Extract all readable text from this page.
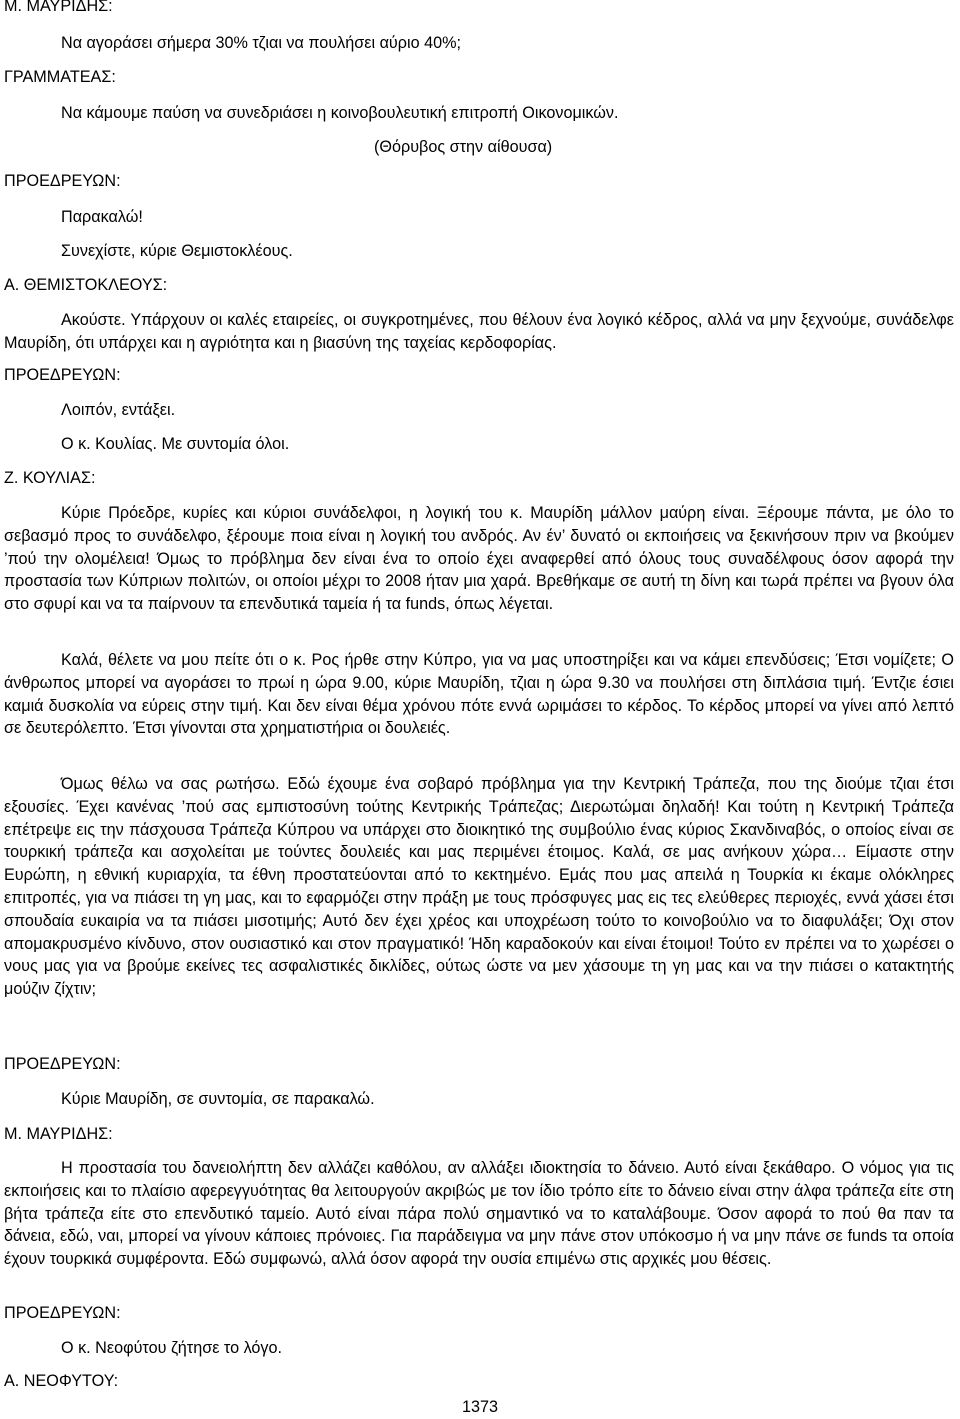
Μ. ΜΑΥΡΙΔΗΣ:
Να αγοράσει σήμερα 30% τζιαι να πουλήσει αύριο 40%;
ΓΡΑΜΜΑΤΕΑΣ:
Να κάμουμε παύση να συνεδριάσει η κοινοβουλευτική επιτροπή Οικονομικών.
(Θόρυβος στην αίθουσα)
ΠΡΟΕΔΡΕΥΩΝ:
Παρακαλώ!
Συνεχίστε, κύριε Θεμιστοκλέους.
Α. ΘΕΜΙΣΤΟΚΛΕΟΥΣ:

Ακούστε. Υπάρχουν οι καλές εταιρείες, οι συγκροτημένες, που θέλουν ένα λογικό κέδρος, αλλά να μην ξεχνούμε, συνάδελφε Μαυρίδη, ότι υπάρχει και η αγριότητα και η βιασύνη της ταχείας κερδοφορίας.

ΠΡΟΕΔΡΕΥΩΝ:
Λοιπόν, εντάξει.
Ο κ. Κουλίας. Με συντομία όλοι.
Ζ. ΚΟΥΛΙΑΣ:

Κύριε Πρόεδρε, κυρίες και κύριοι συνάδελφοι, η λογική του κ. Μαυρίδη μάλλον μαύρη είναι. Ξέρουμε πάντα, με όλο το σεβασμό προς το συνάδελφο, ξέρουμε ποια είναι η λογική του ανδρός. Αν έν’ δυνατό οι εκποιήσεις να ξεκινήσουν πριν να βκούμεν ’πού την ολομέλεια! Όμως το πρόβλημα δεν είναι ένα το οποίο έχει αναφερθεί από όλους τους συναδέλφους όσον αφορά την προστασία των Κύπριων πολιτών, οι οποίοι μέχρι το 2008 ήταν μια χαρά. Βρεθήκαμε σε αυτή τη δίνη και τωρά πρέπει να βγουν όλα στο σφυρί και να τα παίρνουν τα επενδυτικά ταμεία ή τα funds, όπως λέγεται.

Καλά, θέλετε να μου πείτε ότι ο κ. Ρος ήρθε στην Κύπρο, για να μας υποστηρίξει και να κάμει επενδύσεις; Έτσι νομίζετε; Ο άνθρωπος μπορεί να αγοράσει το πρωί η ώρα 9.00, κύριε Μαυρίδη, τζιαι η ώρα 9.30 να πουλήσει στη διπλάσια τιμή. Έντζιε έσιει καμιά δυσκολία να εύρεις στην τιμή. Και δεν είναι θέμα χρόνου πότε εννά ωριμάσει το κέρδος. Το κέρδος μπορεί να γίνει από λεπτό σε δευτερόλεπτο. Έτσι γίνονται στα χρηματιστήρια οι δουλειές.

Όμως θέλω να σας ρωτήσω. Εδώ έχουμε ένα σοβαρό πρόβλημα για την Κεντρική Τράπεζα, που της διούμε τζιαι έτσι εξουσίες. Έχει κανένας ’πού σας εμπιστοσύνη τούτης Κεντρικής Τράπεζας; Διερωτώμαι δηλαδή! Και τούτη η Κεντρική Τράπεζα επέτρεψε εις την πάσχουσα Τράπεζα Κύπρου να υπάρχει στο διοικητικό της συμβούλιο ένας κύριος Σκανδιναβός, ο οποίος είναι σε τουρκική τράπεζα και ασχολείται με τούντες δουλειές και μας περιμένει έτοιμος. Καλά, σε μας ανήκουν χώρα… Είμαστε στην Ευρώπη, η εθνική κυριαρχία, τα έθνη προστατεύονται από το κεκτημένο. Εμάς που μας απειλά η Τουρκία κι έκαμε ολόκληρες επιτροπές, για να πιάσει τη γη μας, και το εφαρμόζει στην πράξη με τους πρόσφυγες μας εις τες ελεύθερες περιοχές, εννά χάσει έτσι σπουδαία ευκαιρία να τα πιάσει μισοτιμής; Αυτό δεν έχει χρέος και υποχρέωση τούτο το κοινοβούλιο να το διαφυλάξει; Όχι στον απομακρυσμένο κίνδυνο, στον ουσιαστικό και στον πραγματικό! Ήδη καραδοκούν και είναι έτοιμοι! Τούτο εν πρέπει να το χωρέσει ο νους μας για να βρούμε εκείνες τες ασφαλιστικές δικλίδες, ούτως ώστε να μεν χάσουμε τη γη μας και να την πιάσει ο κατακτητής μούζιν ζίχτιν;

ΠΡΟΕΔΡΕΥΩΝ:
Κύριε Μαυρίδη, σε συντομία, σε παρακαλώ.
Μ. ΜΑΥΡΙΔΗΣ:

Η προστασία του δανειολήπτη δεν αλλάζει καθόλου, αν αλλάξει ιδιοκτησία το δάνειο. Αυτό είναι ξεκάθαρο. Ο νόμος για τις εκποιήσεις και το πλαίσιο αφερεγγυότητας θα λειτουργούν ακριβώς με τον ίδιο τρόπο είτε το δάνειο είναι στην άλφα τράπεζα είτε στη βήτα τράπεζα είτε στο επενδυτικό ταμείο. Αυτό είναι πάρα πολύ σημαντικό να το καταλάβουμε. Όσον αφορά το πού θα παν τα δάνεια, εδώ, ναι, μπορεί να γίνουν κάποιες πρόνοιες. Για παράδειγμα να μην πάνε στον υπόκοσμο ή να μην πάνε σε funds τα οποία έχουν τουρκικά συμφέροντα. Εδώ συμφωνώ, αλλά όσον αφορά την ουσία επιμένω στις αρχικές μου θέσεις.

ΠΡΟΕΔΡΕΥΩΝ:
Ο κ. Νεοφύτου ζήτησε το λόγο.
Α. ΝΕΟΦΥΤΟΥ:
1373
